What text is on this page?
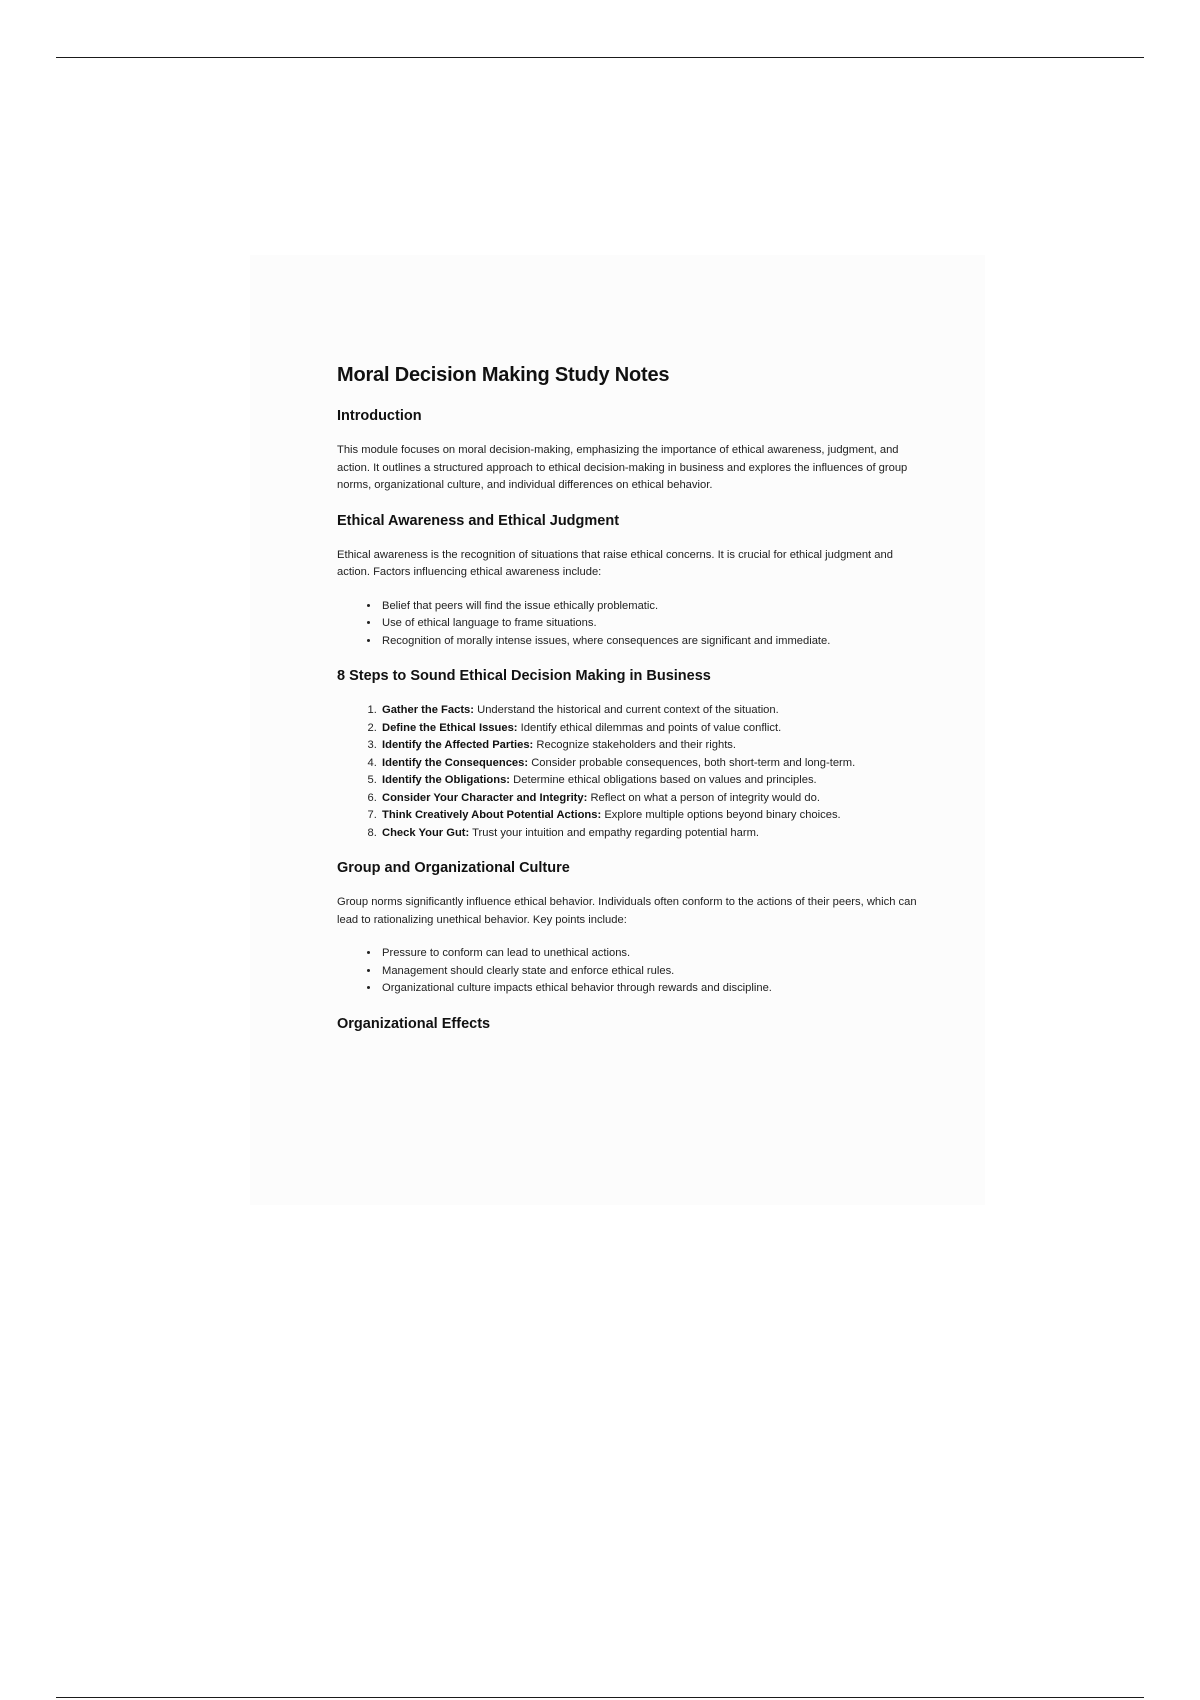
Moral Decision Making Study Notes
Introduction

This module focuses on moral decision-making, emphasizing the importance of ethical awareness, judgment, and action. It outlines a structured approach to ethical decision-making in business and explores the influences of group norms, organizational culture, and individual differences on ethical behavior.

Ethical Awareness and Ethical Judgment

Ethical awareness is the recognition of situations that raise ethical concerns. It is crucial for ethical judgment and action. Factors influencing ethical awareness include:

• Belief that peers will find the issue ethically problematic.
• Use of ethical language to frame situations.
• Recognition of morally intense issues, where consequences are significant and immediate.
8 Steps to Sound Ethical Decision Making in Business
1. Gather the Facts: Understand the historical and current context of the situation.
2. Define the Ethical Issues: Identify ethical dilemmas and points of value conflict.
3. Identify the Affected Parties: Recognize stakeholders and their rights.
4. Identify the Consequences: Consider probable consequences, both short-term and long-term.
5. Identify the Obligations: Determine ethical obligations based on values and principles.
6. Consider Your Character and Integrity: Reflect on what a person of integrity would do.
7. Think Creatively About Potential Actions: Explore multiple options beyond binary choices.
8. Check Your Gut: Trust your intuition and empathy regarding potential harm.
Group and Organizational Culture

Group norms significantly influence ethical behavior. Individuals often conform to the actions of their peers, which can lead to rationalizing unethical behavior. Key points include:

• Pressure to conform can lead to unethical actions.
• Management should clearly state and enforce ethical rules.
• Organizational culture impacts ethical behavior through rewards and discipline.
Organizational Effects
